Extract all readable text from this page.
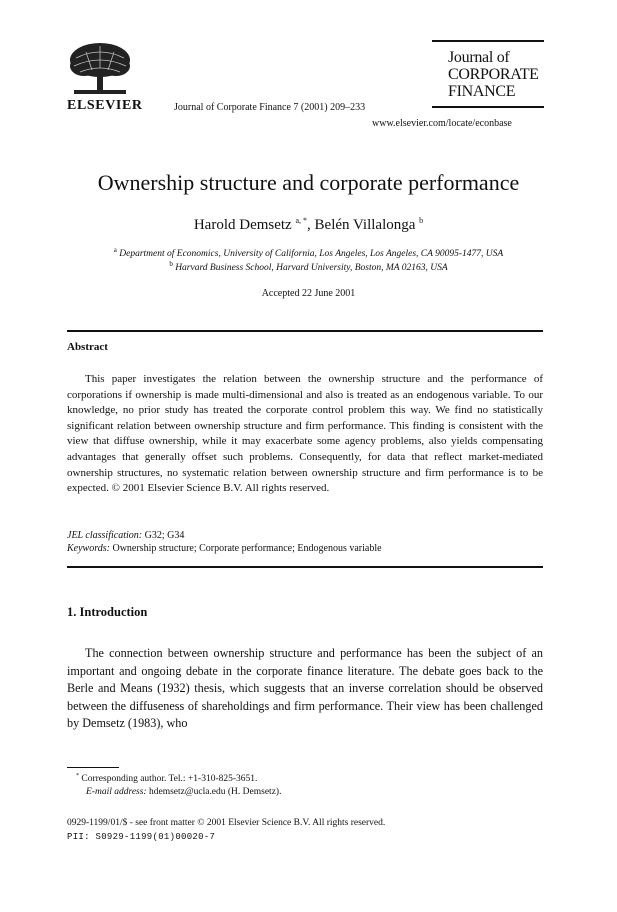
ELSEVIER	Journal of Corporate Finance 7 (2001) 209–233
Journal of
CORPORATE
FINANCE
www.elsevier.com/locate/econbase
Ownership structure and corporate performance
Harold Demsetz $^{a, *}$, Belén Villalonga $^b$
$^a$ Department of Economics, University of California, Los Angeles, Los Angeles, CA 90095-1477, USA
$^b$ Harvard Business School, Harvard University, Boston, MA 02163, USA
Accepted 22 June 2001
Abstract
This paper investigates the relation between the ownership structure and the performance of corporations if ownership is made multi-dimensional and also is treated as an endogenous variable. To our knowledge, no prior study has treated the corporate control problem this way. We find no statistically significant relation between ownership structure and firm performance. This finding is consistent with the view that diffuse ownership, while it may exacerbate some agency problems, also yields compensating advantages that generally offset such problems. Consequently, for data that reflect market-mediated ownership structures, no systematic relation between ownership structure and firm performance is to be expected. © 2001 Elsevier Science B.V. All rights reserved.
JEL classification: G32; G34
Keywords: Ownership structure; Corporate performance; Endogenous variable
1. Introduction
The connection between ownership structure and performance has been the subject of an important and ongoing debate in the corporate finance literature. The debate goes back to the Berle and Means (1932) thesis, which suggests that an inverse correlation should be observed between the diffuseness of shareholdings and firm performance. Their view has been challenged by Demsetz (1983), who
* Corresponding author. Tel.: +1-310-825-3651.
E-mail address: hdemsetz@ucla.edu (H. Demsetz).
0929-1199/01/$ - see front matter © 2001 Elsevier Science B.V. All rights reserved.
PII: S0929-1199(01)00020-7
